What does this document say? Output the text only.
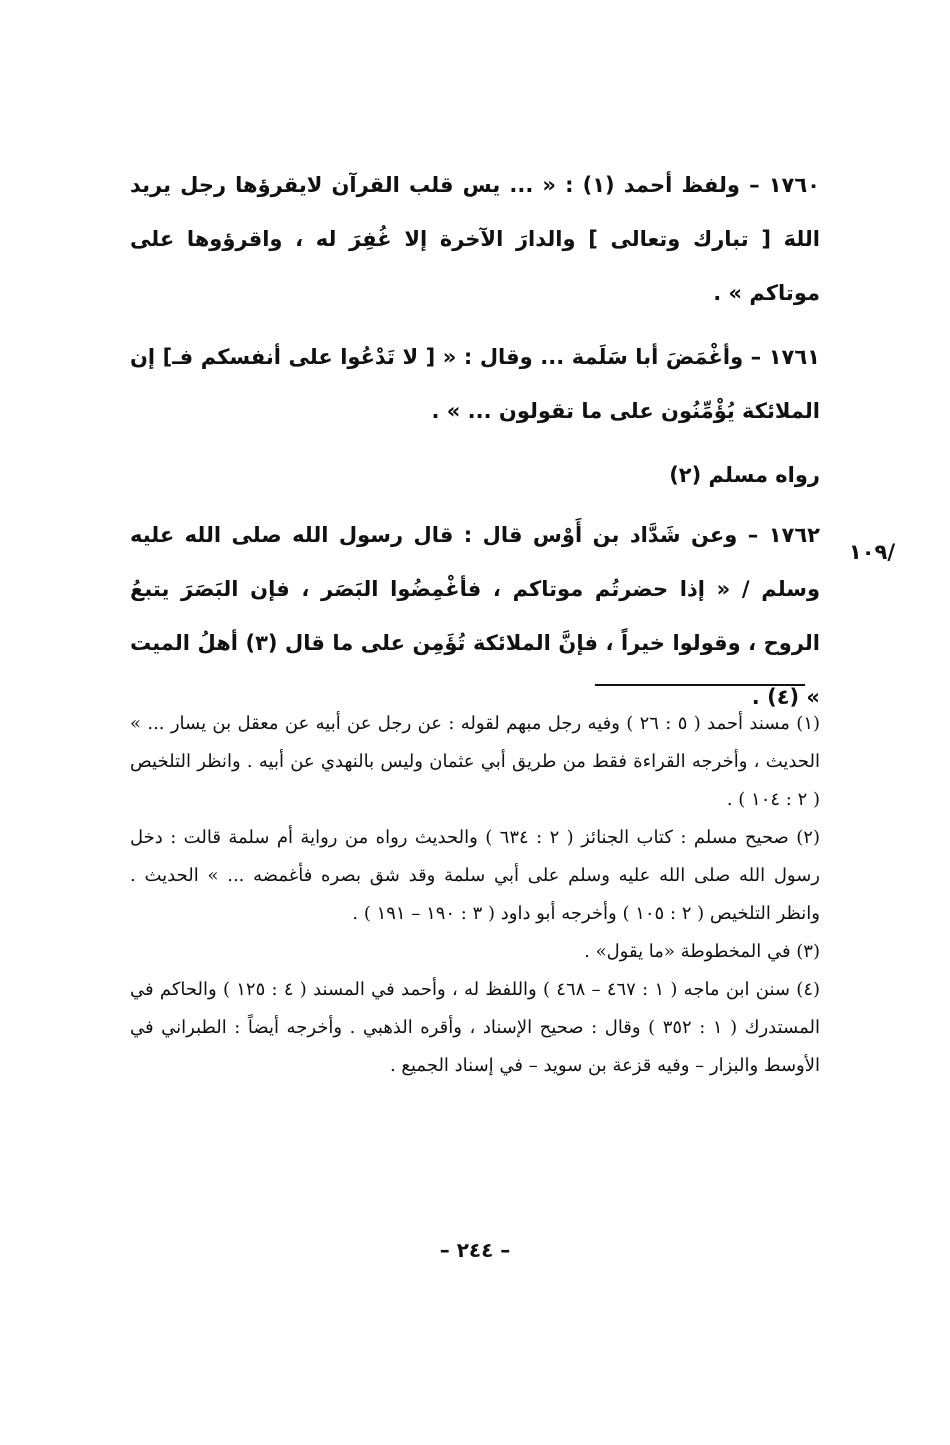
١٧٦٠ – ولفظ أحمد (١) : « ... يس قلب القرآن لايقرؤها رجل يريد اللهَ [ تبارك وتعالى ] والدارَ الآخرة إلا غُفِرَ له ، واقرؤوها على موتاكم » .

١٧٦١ – وأغْمَضَ أبا سَلَمة ... وقال : « [ لا تَدْعُوا على أنفسكم فـ] إن الملائكة يُؤْمِّنُون على ما تقولون ... » .

رواه مسلم (٢)

١٧٦٢ – وعن شَدَّاد بن أَوْس قال : قال رسول الله صلى الله عليه وسلم / « إذا حضرتُم موتاكم ، فأغْمِضُوا البَصَر ، فإن البَصَرَ يتبعُ الروح ، وقولوا خيراً ، فإنَّ الملائكة تُؤَمِن على ما قال (٣) أهلُ الميت » (٤) .

١٠٩/

(١) مسند أحمد ( ٥ : ٢٦ ) وفيه رجل مبهم لقوله : عن رجل عن أبيه عن معقل بن يسار ... » الحديث ، وأخرجه القراءة فقط من طريق أبي عثمان وليس بالنهدي عن أبيه . وانظر التلخيص ( ٢ : ١٠٤ ) .

(٢) صحيح مسلم : كتاب الجنائز ( ٢ : ٦٣٤ ) والحديث رواه من رواية أم سلمة قالت : دخل رسول الله صلى الله عليه وسلم على أبي سلمة وقد شق بصره فأغمضه ... » الحديث . وانظر التلخيص ( ٢ : ١٠٥ ) وأخرجه أبو داود ( ٣ : ١٩٠ – ١٩١ ) .

(٣) في المخطوطة «ما يقول» .

(٤) سنن ابن ماجه ( ١ : ٤٦٧ – ٤٦٨ ) واللفظ له ، وأحمد في المسند ( ٤ : ١٢٥ ) والحاكم في المستدرك ( ١ : ٣٥٢ ) وقال : صحيح الإسناد ، وأقره الذهبي . وأخرجه أيضاً : الطبراني في الأوسط والبزار – وفيه قزعة بن سويد – في إسناد الجميع .

– ٢٤٤ –
